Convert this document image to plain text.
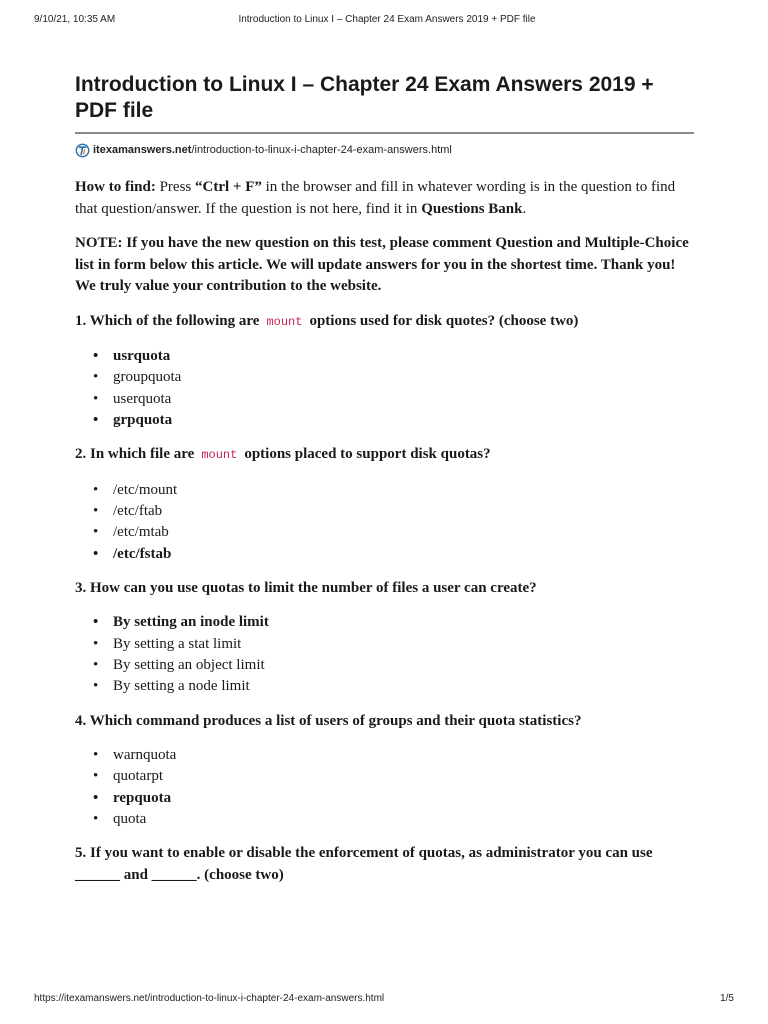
9/10/21, 10:35 AM	Introduction to Linux I – Chapter 24 Exam Answers 2019 + PDF file
Introduction to Linux I – Chapter 24 Exam Answers 2019 + PDF file
itexamanswers.net /introduction-to-linux-i-chapter-24-exam-answers.html

How to find: Press “Ctrl + F” in the browser and fill in whatever wording is in the question to find that question/answer. If the question is not here, find it in Questions Bank.

NOTE: If you have the new question on this test, please comment Question and Multiple-Choice list in form below this article. We will update answers for you in the shortest time. Thank you! We truly value your contribution to the website.

1. Which of the following are mount options used for disk quotes? (choose two)

• usrquota
• groupquota
• userquota
• grpquota

2. In which file are mount options placed to support disk quotas?

• /etc/mount
• /etc/ftab
• /etc/mtab
• /etc/fstab

3. How can you use quotas to limit the number of files a user can create?

• By setting an inode limit
• By setting a stat limit
• By setting an object limit
• By setting a node limit

4. Which command produces a list of users of groups and their quota statistics?

• warnquota
• quotarpt
• repquota
• quota

5. If you want to enable or disable the enforcement of quotas, as administrator you can use ______ and ______. (choose two)

https://itexamanswers.net/introduction-to-linux-i-chapter-24-exam-answers.html	1/5
